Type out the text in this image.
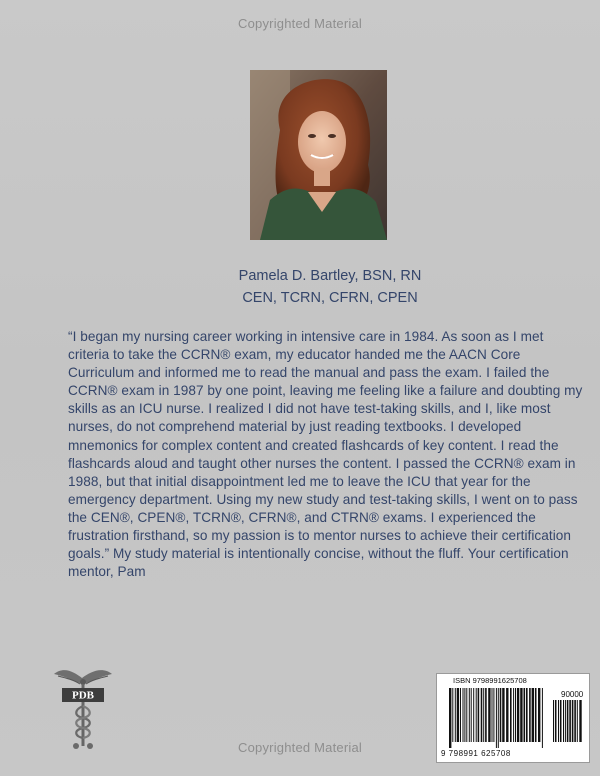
Copyrighted Material
Pamela D. Bartley, BSN, RN
CEN, TCRN, CFRN, CPEN
“I began my nursing career working in intensive care in 1984. As soon as I met criteria to take the CCRN® exam, my educator handed me the AACN Core Curriculum and informed me to read the manual and pass the exam. I failed the CCRN® exam in 1987 by one point, leaving me feeling like a failure and doubting my skills as an ICU nurse. I realized I did not have test-taking skills, and I, like most nurses, do not comprehend material by just reading textbooks. I developed mnemonics for complex content and created flashcards of key content. I read the flashcards aloud and taught other nurses the content. I passed the CCRN® exam in 1988, but that initial disappointment led me to leave the ICU that year for the emergency department. Using my new study and test-taking skills, I went on to pass the CEN®, CPEN®, TCRN®, CFRN®, and CTRN® exams. I experienced the frustration firsthand, so my passion is to mentor nurses to achieve their certification goals.” My study material is intentionally concise, without the fluff. Your certification mentor, Pam
PDB
ISBN 9798991625708
90000
9 798991 625708
Copyrighted Material
